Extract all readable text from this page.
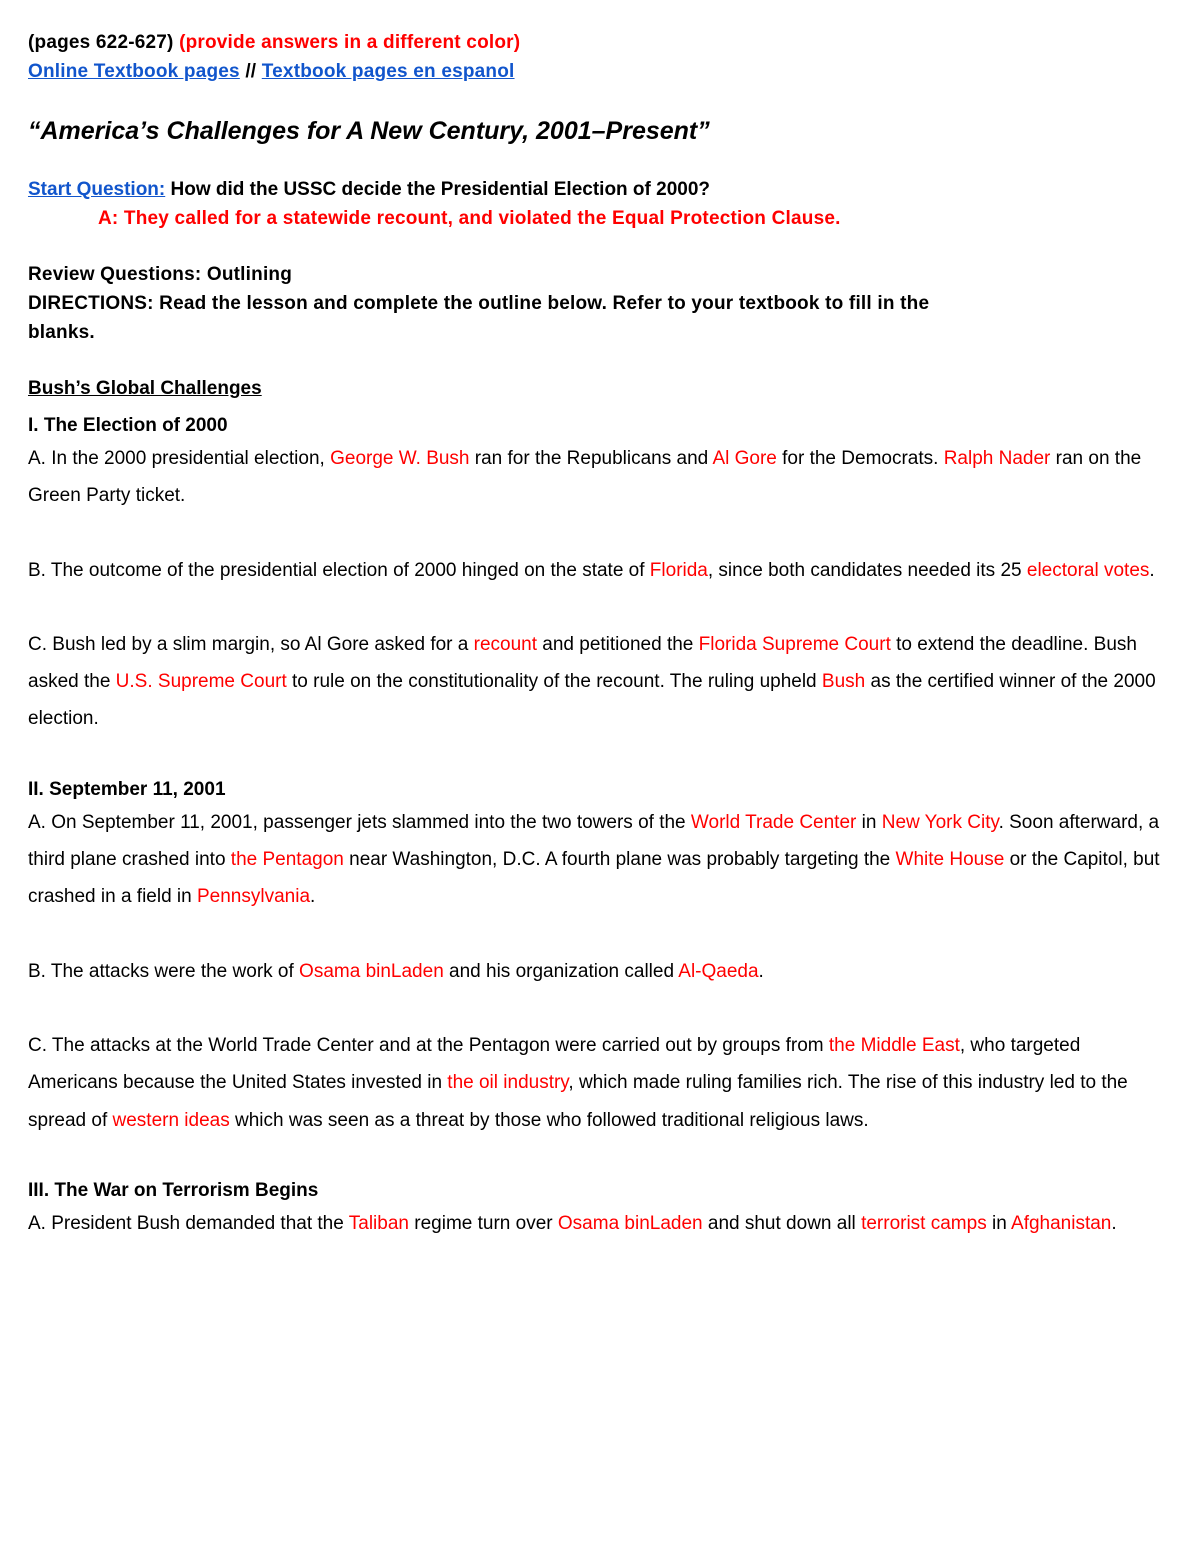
(pages 622-627) (provide answers in a different color)
Online Textbook pages // Textbook pages en espanol
“America’s Challenges for A New Century, 2001–Present”
Start Question: How did the USSC decide the Presidential Election of 2000?
A: They called for a statewide recount, and violated the Equal Protection Clause.
Review Questions: Outlining
DIRECTIONS: Read the lesson and complete the outline below. Refer to your textbook to fill in the blanks.
Bush’s Global Challenges
I. The Election of 2000
A. In the 2000 presidential election, George W. Bush ran for the Republicans and Al Gore for the Democrats. Ralph Nader ran on the Green Party ticket.
B. The outcome of the presidential election of 2000 hinged on the state of Florida, since both candidates needed its 25 electoral votes.
C. Bush led by a slim margin, so Al Gore asked for a recount and petitioned the Florida Supreme Court to extend the deadline. Bush asked the U.S. Supreme Court to rule on the constitutionality of the recount. The ruling upheld Bush as the certified winner of the 2000 election.
II. September 11, 2001
A. On September 11, 2001, passenger jets slammed into the two towers of the World Trade Center in New York City. Soon afterward, a third plane crashed into the Pentagon near Washington, D.C. A fourth plane was probably targeting the White House or the Capitol, but crashed in a field in Pennsylvania.
B. The attacks were the work of Osama binLaden and his organization called Al-Qaeda.
C. The attacks at the World Trade Center and at the Pentagon were carried out by groups from the Middle East, who targeted Americans because the United States invested in the oil industry, which made ruling families rich. The rise of this industry led to the spread of western ideas which was seen as a threat by those who followed traditional religious laws.
III. The War on Terrorism Begins
A. President Bush demanded that the Taliban regime turn over Osama binLaden and shut down all terrorist camps in Afghanistan.
